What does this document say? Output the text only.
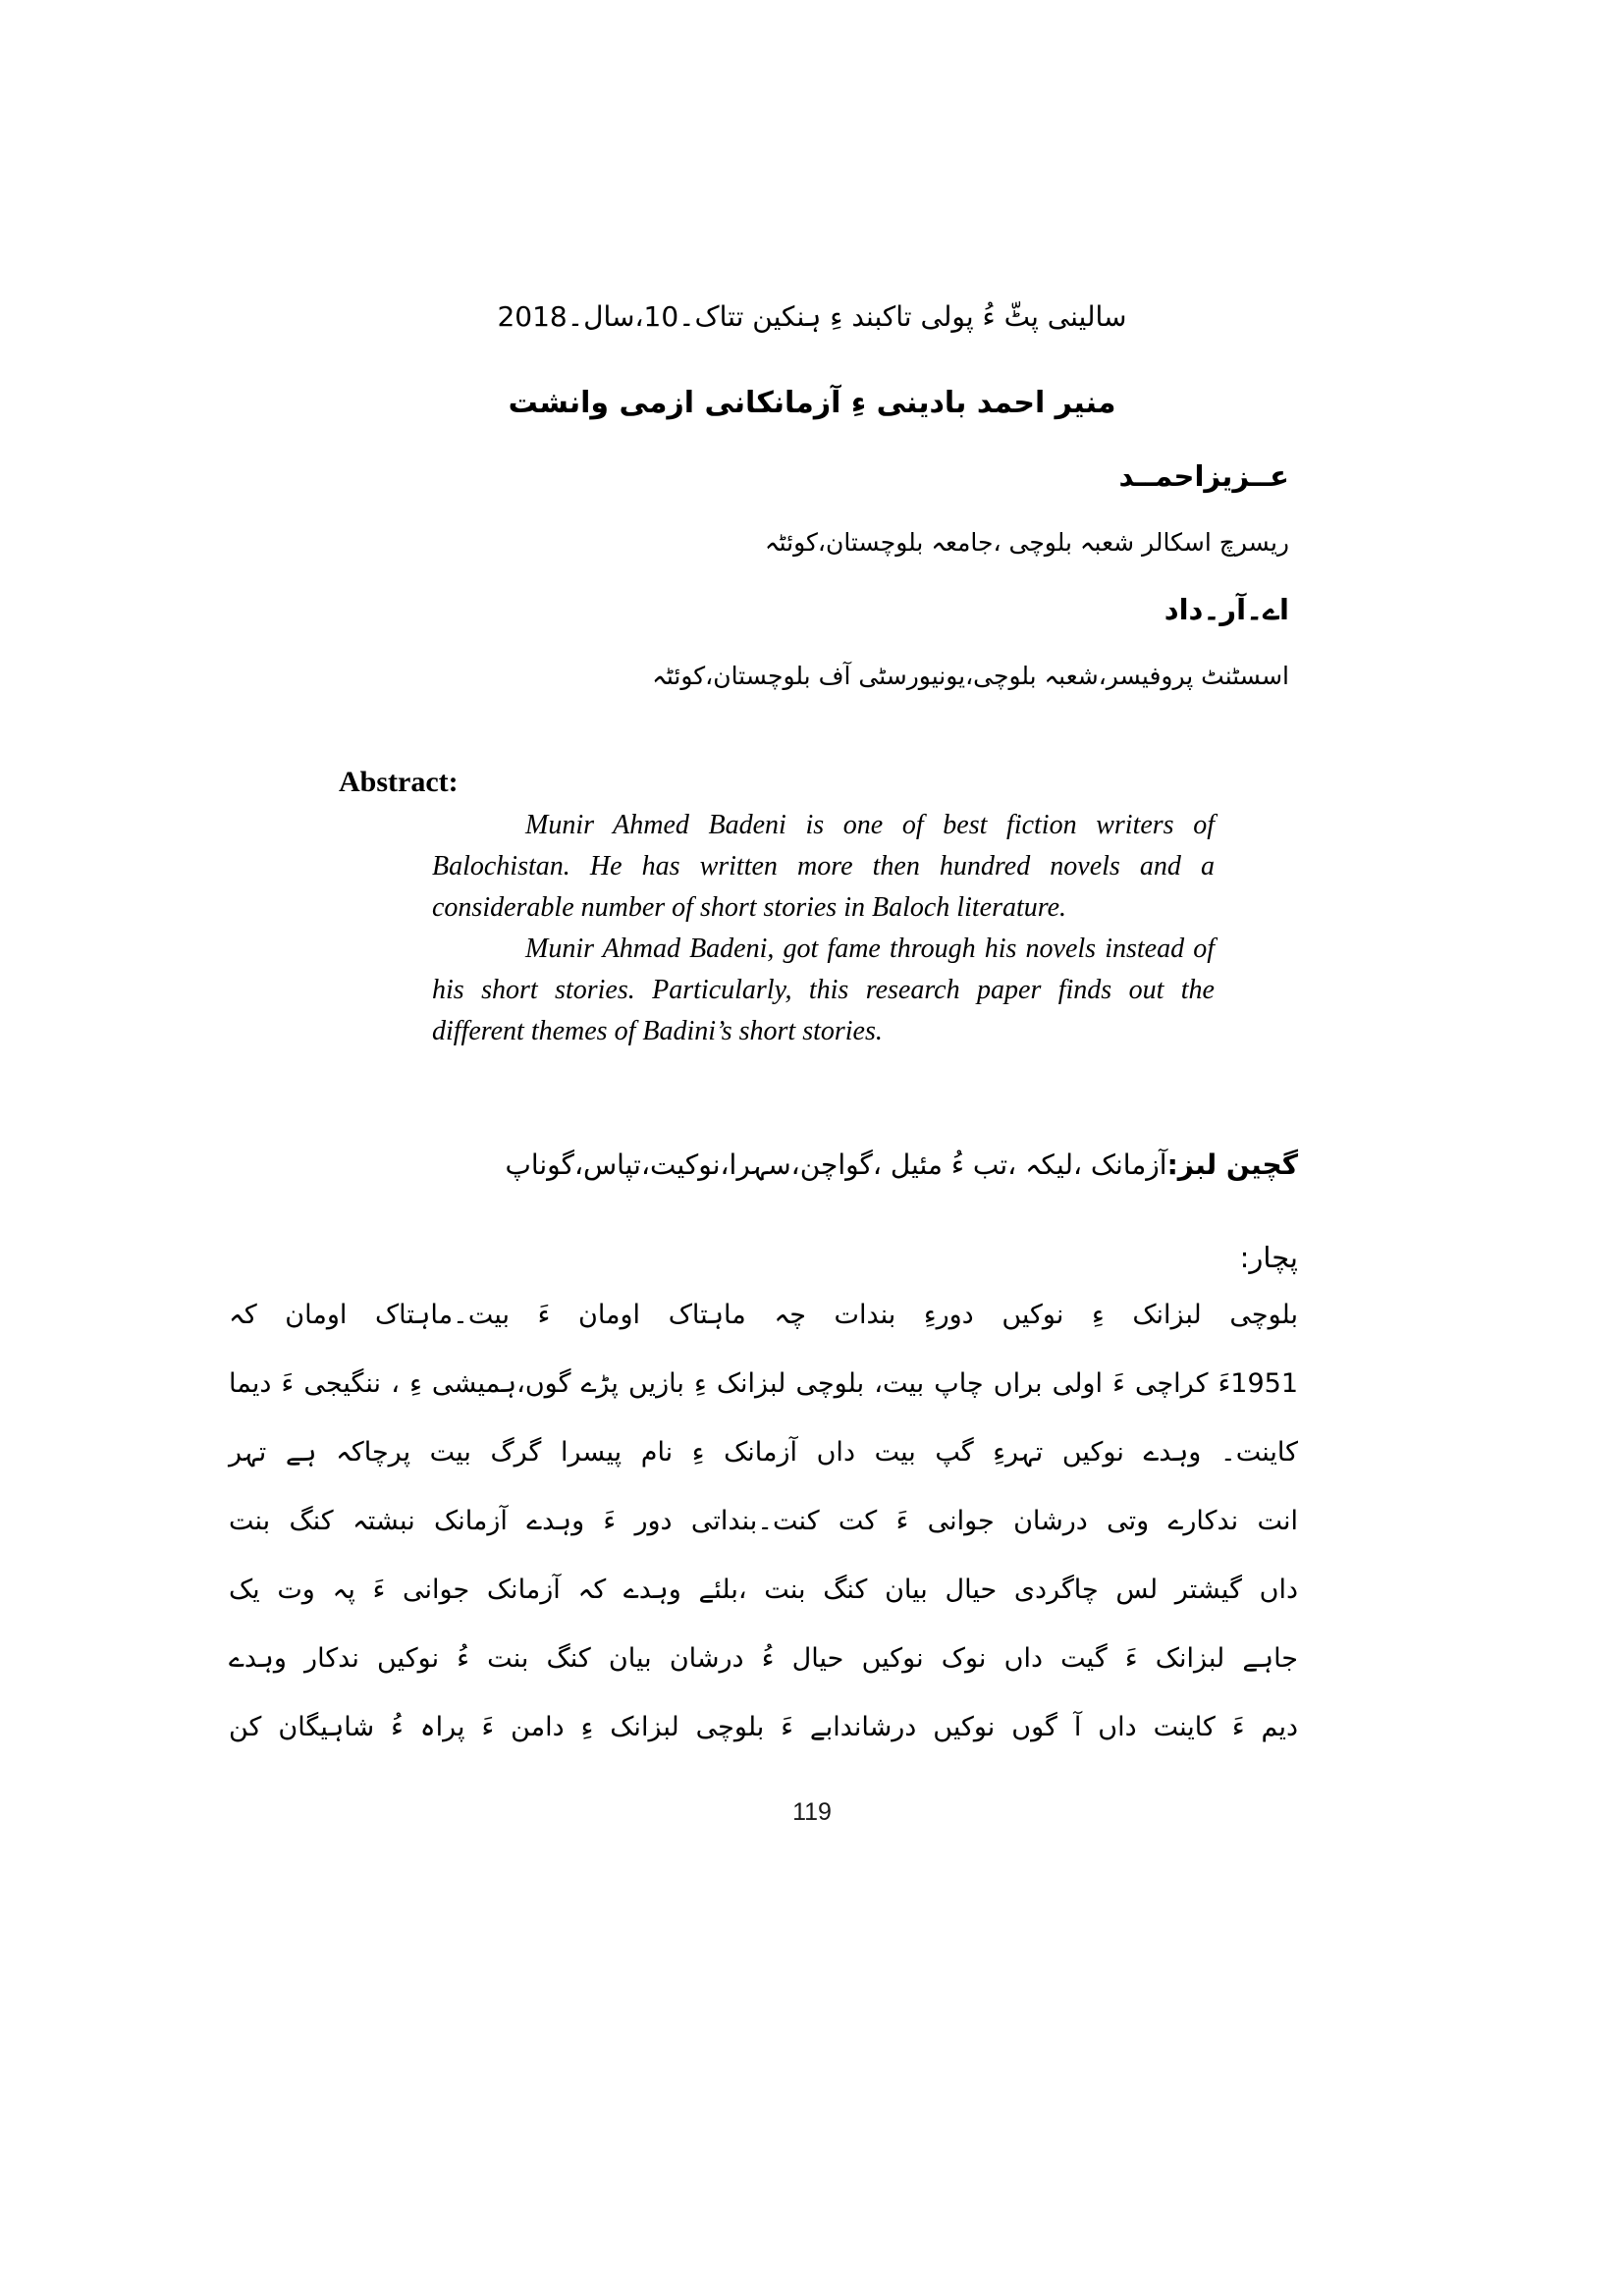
سالینی پٹّ ءُ پولی تاکبند ءِ ہنکین تتاک۔10،سال۔2018
منیر احمد بادینی ءِ آزمانکانی ازمی وانشت
عــزیزاحمــد
ریسرچ اسکالر شعبہ بلوچی ،جامعہ بلوچستان،کوئٹہ
اے۔آر۔داد
اسسٹنٹ پروفیسر،شعبہ بلوچی،یونیورسٹی آف بلوچستان،کوئٹہ
Abstract:

Munir Ahmed Badeni is one of best fiction writers of Balochistan. He has written more then hundred novels and a considerable number of short stories in Baloch literature.

Munir Ahmad Badeni, got fame through his novels instead of his short stories. Particularly, this research paper finds out the different themes of Badini’s short stories.

گچین لبز:آزمانک ،لیکہ ،تب ءُ مئیل ،گواچن،سہرا،نوکیت،تپاس،گوناپ
پچار:
بلوچی لبزانک ءِ نوکیں دورءِ بندات چہ ماہتاک اومان ءَ بیت۔ماہتاک اومان کہ
1951ءَ کراچی ءَ اولی براں چاپ بیت، بلوچی لبزانک ءِ بازیں پڑے گوں،ہمیشی ءِ ، ننگیجی ءَ دیما
کاینت۔ وہدے نوکیں تہرءِ گپ بیت داں آزمانک ءِ نام پیسرا گرگ بیت پرچاکہ ہے تہر
انت ندکارے وتی درشان جوانی ءَ کت کنت۔بنداتی دور ءَ وہدے آزمانک نبشتہ کنگ بنت
داں گیشتر لس چاگردی حیال بیان کنگ بنت ،بلئے وہدے کہ آزمانک جوانی ءَ پہ وت یک
جاہے لبزانک ءَ گیت داں نوک نوکیں حیال ءُ درشان بیان کنگ بنت ءُ نوکیں ندکار وہدے
دیم ءَ کاینت داں آ گوں نوکیں درشاندابے ءَ بلوچی لبزانک ءِ دامن ءَ پراہ ءُ شاہیگان کن
119
